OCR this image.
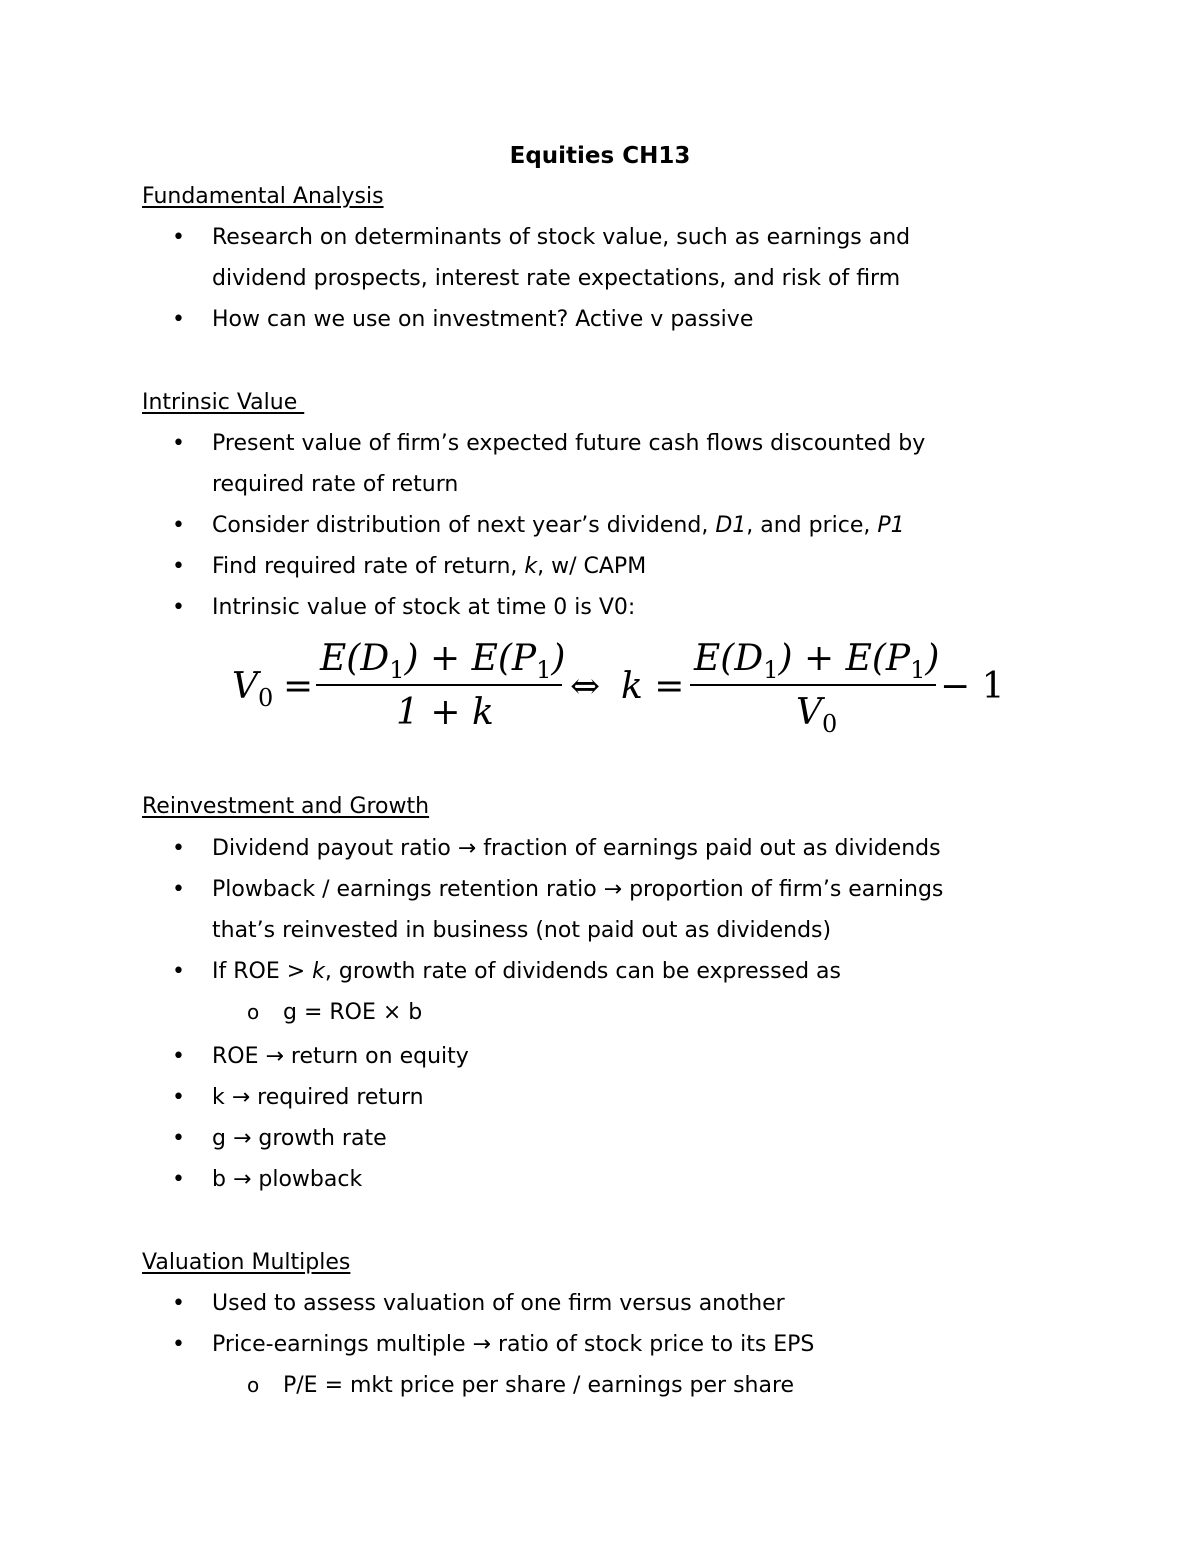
Equities CH13
Fundamental Analysis
• Research on determinants of stock value, such as earnings and
dividend prospects, interest rate expectations, and risk of firm
• How can we use on investment? Active v passive
Intrinsic Value
• Present value of firm’s expected future cash flows discounted by
required rate of return
• Consider distribution of next year’s dividend, D1, and price, P1
• Find required rate of return, k, w/ CAPM
• Intrinsic value of stock at time 0 is V0:
$V_0$ =
$E(D_1) + E(P_1)$
1 + k
⇔ k =
$E(D_1) + E(P_1)$
$V_0$
− 1
Reinvestment and Growth
• Dividend payout ratio → fraction of earnings paid out as dividends
• Plowback / earnings retention ratio → proportion of firm’s earnings
that’s reinvested in business (not paid out as dividends)
• If ROE > k, growth rate of dividends can be expressed as
o g = ROE × b
• ROE → return on equity
• k → required return
• g → growth rate
• b → plowback
Valuation Multiples
• Used to assess valuation of one firm versus another
• Price-earnings multiple → ratio of stock price to its EPS
o P/E = mkt price per share / earnings per share
